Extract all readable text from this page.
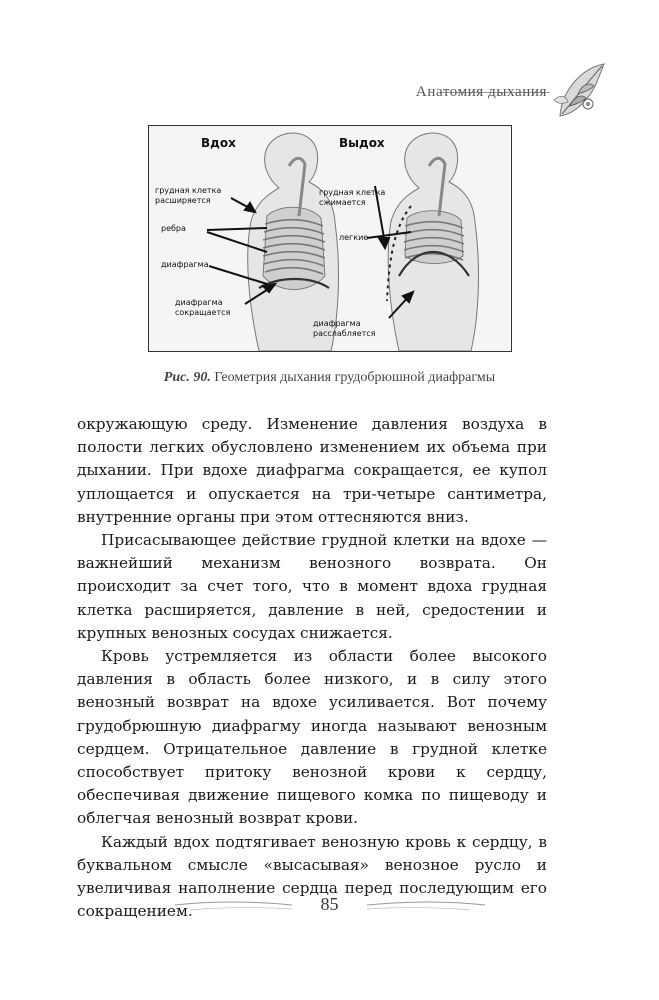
Анатомия дыхания
Вдох	Выдох
грудная клетка
расширяется
ребра
диафрагма
диафрагма
сокращается
грудная клетка
сжимается
легкие
диафрагма
расслабляется
Рис. 90. Геометрия дыхания грудобрюшной диафрагмы

окружающую среду. Изменение давления воздуха в полости легких обусловлено изменением их объема при дыхании. При вдохе диафрагма сокращается, ее купол уплощается и опускается на три-четыре сантиметра, внутренние органы при этом оттесняются вниз.

Присасывающее действие грудной клетки на вдохе — важнейший механизм венозного возврата. Он происходит за счет того, что в момент вдоха грудная клетка расширяется, давление в ней, средостении и крупных венозных сосудах снижается.

Кровь устремляется из области более высокого давления в область более низкого, и в силу этого венозный возврат на вдохе усиливается. Вот почему грудобрюшную диафрагму иногда называют венозным сердцем. Отрицательное давление в грудной клетке способствует притоку венозной крови к сердцу, обеспечивая движение пищевого комка по пищеводу и облегчая венозный возврат крови.

Каждый вдох подтягивает венозную кровь к сердцу, в буквальном смысле «высасывая» венозное русло и увеличивая наполнение сердца перед последующим его сокращением.	85
